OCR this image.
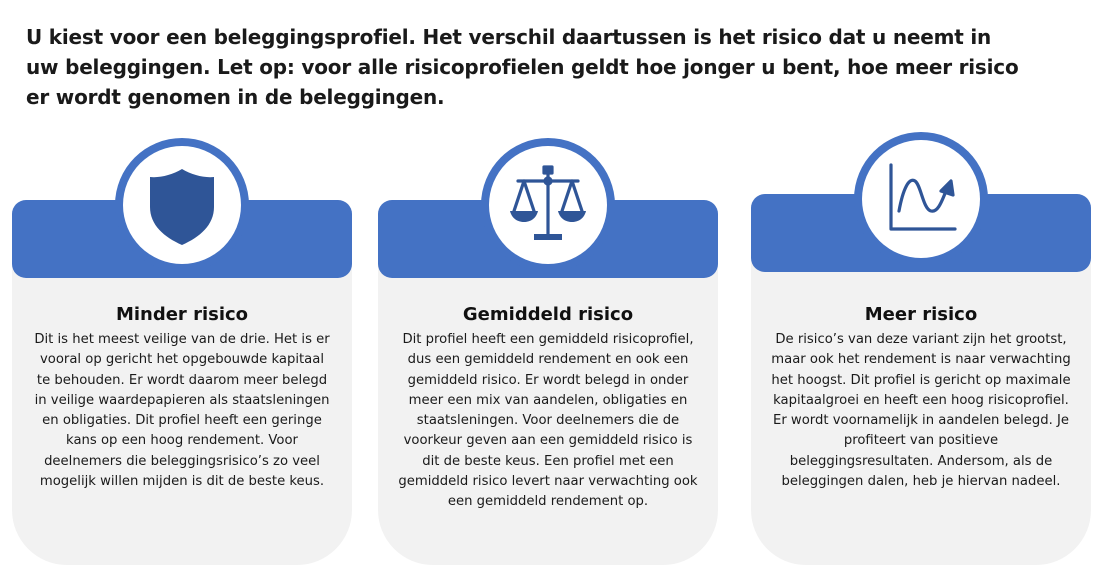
U kiest voor een beleggingsprofiel. Het verschil daartussen is het risico dat u neemt in uw beleggingen. Let op: voor alle risicoprofielen geldt hoe jonger u bent, hoe meer risico er wordt genomen in de beleggingen.

Minder risico

Dit is het meest veilige van de drie. Het is er vooral op gericht het opgebouwde kapitaal te behouden. Er wordt daarom meer belegd in veilige waardepapieren als staatsleningen en obligaties. Dit profiel heeft een geringe kans op een hoog rendement. Voor deelnemers die beleggingsrisico’s zo veel mogelijk willen mijden is dit de beste keus.

Gemiddeld risico

Dit profiel heeft een gemiddeld risicoprofiel, dus een gemiddeld rendement en ook een gemiddeld risico. Er wordt belegd in onder meer een mix van aandelen, obligaties en staatsleningen. Voor deelnemers die de voorkeur geven aan een gemiddeld risico is dit de beste keus. Een profiel met een gemiddeld risico levert naar verwachting ook een gemiddeld rendement op.

Meer risico

De risico’s van deze variant zijn het grootst, maar ook het rendement is naar verwachting het hoogst. Dit profiel is gericht op maximale kapitaalgroei en heeft een hoog risicoprofiel. Er wordt voornamelijk in aandelen belegd. Je profiteert van positieve beleggingsresultaten. Andersom, als de beleggingen dalen, heb je hiervan nadeel.
